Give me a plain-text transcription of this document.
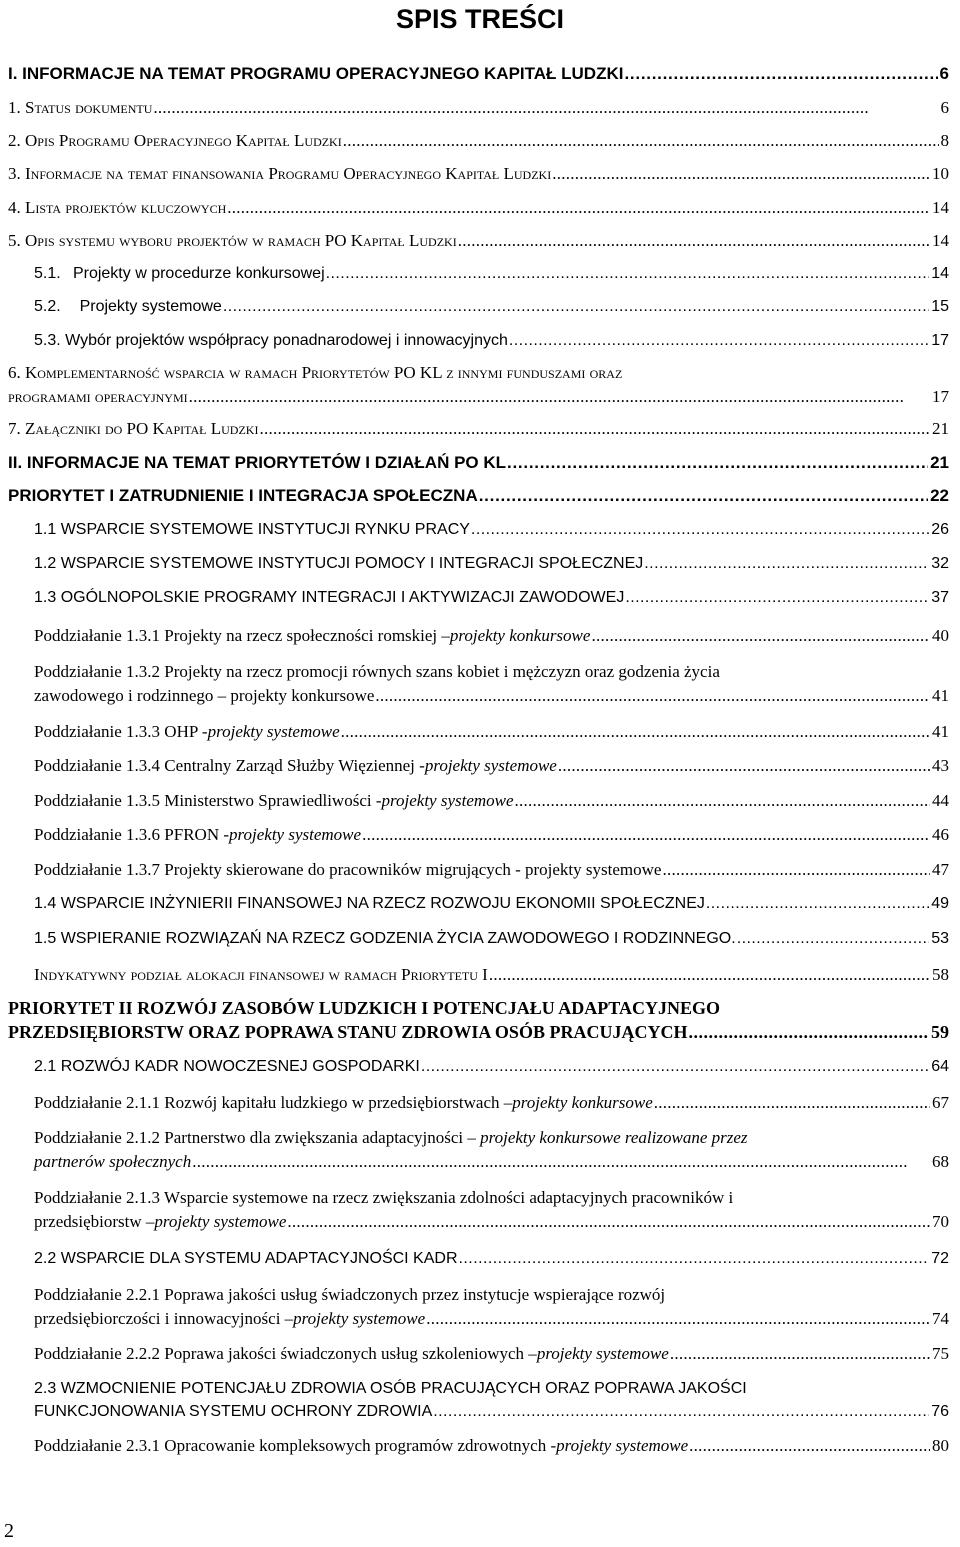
SPIS TREŚCI
I. INFORMACJE NA TEMAT PROGRAMU OPERACYJNEGO KAPITAŁ LUDZKI . . .	6
1. Status dokumentu . . .	6
2. Opis Programu Operacyjnego Kapitał Ludzki . . .	8
3. Informacje na temat finansowania Programu Operacyjnego Kapitał Ludzki . . .	10
4. Lista projektów kluczowych . . .	14
5. Opis systemu wyboru projektów w ramach PO Kapitał Ludzki . . .	14
5.1. Projekty w procedurze konkursowej . . .	14
5.2.	Projekty systemowe . . .	15
5.3. Wybór projektów współpracy ponadnarodowej i innowacyjnych . . .	17
6. Komplementarność wsparcia w ramach Priorytetów PO KL z innymi funduszami oraz
programami operacyjnymi . . .	17
7. Załączniki do PO Kapitał Ludzki . . .	21
II. INFORMACJE NA TEMAT PRIORYTETÓW I DZIAŁAŃ PO KL . . .	21
PRIORYTET I ZATRUDNIENIE I INTEGRACJA SPOŁECZNA . . .	22
1.1 WSPARCIE SYSTEMOWE INSTYTUCJI RYNKU PRACY . . .	26
1.2 WSPARCIE SYSTEMOWE INSTYTUCJI POMOCY I INTEGRACJI SPOŁECZNEJ . . .	32
1.3 OGÓLNOPOLSKIE PROGRAMY INTEGRACJI I AKTYWIZACJI ZAWODOWEJ . . .	37
Poddziałanie 1.3.1 Projekty na rzecz społeczności romskiej – projekty konkursowe . . .	40
Poddziałanie 1.3.2 Projekty na rzecz promocji równych szans kobiet i mężczyzn oraz godzenia życia
zawodowego i rodzinnego – projekty konkursowe . . .	41
Poddziałanie 1.3.3 OHP - projekty systemowe . . .	41
Poddziałanie 1.3.4 Centralny Zarząd Służby Więziennej - projekty systemowe . . .	43
Poddziałanie 1.3.5 Ministerstwo Sprawiedliwości - projekty systemowe . . .	44
Poddziałanie 1.3.6 PFRON - projekty systemowe . . .	46
Poddziałanie 1.3.7 Projekty skierowane do pracowników migrujących - projekty systemowe . . .	47
1.4 WSPARCIE INŻYNIERII FINANSOWEJ NA RZECZ ROZWOJU EKONOMII SPOŁECZNEJ . . .	49
1.5 WSPIERANIE ROZWIĄZAŃ NA RZECZ GODZENIA ŻYCIA ZAWODOWEGO I RODZINNEGO. . . .	53
Indykatywny podział alokacji finansowej w ramach Priorytetu I . . .	58
PRIORYTET II ROZWÓJ ZASOBÓW LUDZKICH I POTENCJAŁU ADAPTACYJNEGO
PRZEDSIĘBIORSTW ORAZ POPRAWA STANU ZDROWIA OSÓB PRACUJĄCYCH . . .	59
2.1 ROZWÓJ KADR NOWOCZESNEJ GOSPODARKI . . .	64
Poddziałanie 2.1.1 Rozwój kapitału ludzkiego w przedsiębiorstwach – projekty konkursowe . . .	67
Poddziałanie 2.1.2 Partnerstwo dla zwiększania adaptacyjności – projekty konkursowe realizowane przez
partnerów społecznych . . .	68
Poddziałanie 2.1.3 Wsparcie systemowe na rzecz zwiększania zdolności adaptacyjnych pracowników i
przedsiębiorstw – projekty systemowe . . .	70
2.2 WSPARCIE DLA SYSTEMU ADAPTACYJNOŚCI KADR . . .	72
Poddziałanie 2.2.1 Poprawa jakości usług świadczonych przez instytucje wspierające rozwój
przedsiębiorczości i innowacyjności – projekty systemowe . . .	74
Poddziałanie 2.2.2 Poprawa jakości świadczonych usług szkoleniowych – projekty systemowe . . .	75
2.3 WZMOCNIENIE POTENCJAŁU ZDROWIA OSÓB PRACUJĄCYCH ORAZ POPRAWA JAKOŚCI
FUNKCJONOWANIA SYSTEMU OCHRONY ZDROWIA . . .	76
Poddziałanie 2.3.1 Opracowanie kompleksowych programów zdrowotnych - projekty systemowe . . .	80
2
